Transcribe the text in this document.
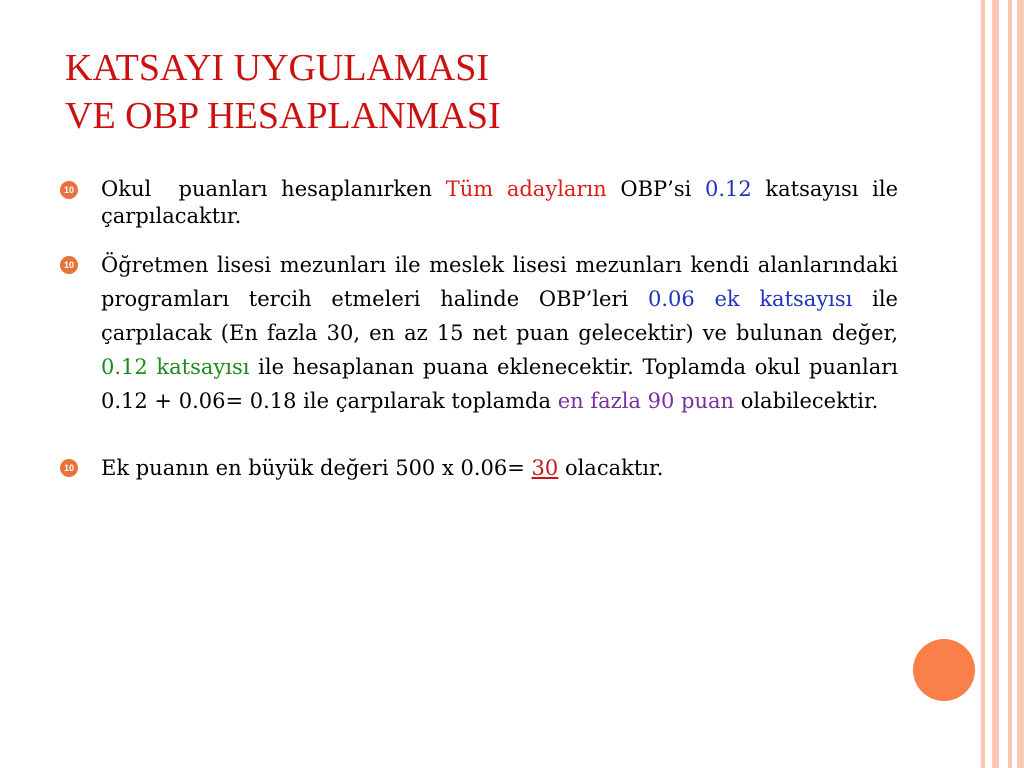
KATSAYI UYGULAMASI
VE OBP HESAPLANMASI
10 Okul  puanları hesaplanırken Tüm adayların OBP’si 0.12 katsayısı ile çarpılacaktır.
10 Öğretmen lisesi mezunları ile meslek lisesi mezunları kendi alanlarındaki programları tercih etmeleri halinde OBP’leri 0.06 ek katsayısı ile çarpılacak (En fazla 30, en az 15 net puan gelecektir) ve bulunan değer, 0.12 katsayısı ile hesaplanan puana eklenecektir. Toplamda okul puanları 0.12 + 0.06= 0.18 ile çarpılarak toplamda en fazla 90 puan olabilecektir.
10 Ek puanın en büyük değeri 500 x 0.06= 30 olacaktır.
